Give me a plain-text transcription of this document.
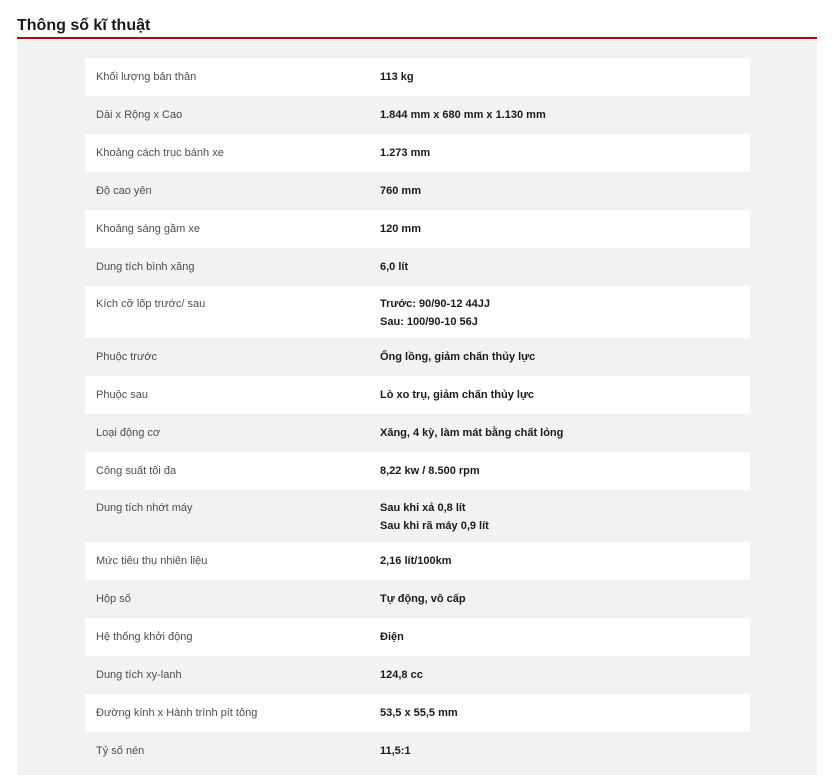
Thông số kĩ thuật
Khối lượng bản thân	113 kg
Dài x Rộng x Cao	1.844 mm x 680 mm x 1.130 mm
Khoảng cách trục bánh xe	1.273 mm
Độ cao yên	760 mm
Khoảng sáng gầm xe	120 mm
Dung tích bình xăng	6,0 lít
Kích cỡ lốp trước/ sau	Trước: 90/90-12 44JJ
Sau: 100/90-10 56J
Phuộc trước	Ống lồng, giảm chấn thủy lực
Phuộc sau	Lò xo trụ, giảm chấn thủy lực
Loại động cơ	Xăng, 4 kỳ, làm mát bằng chất lỏng
Công suất tối đa	8,22 kw / 8.500 rpm
Dung tích nhớt máy	Sau khi xả 0,8 lít
Sau khi rã máy 0,9 lít
Mức tiêu thụ nhiên liệu	2,16 lít/100km
Hộp số	Tự động, vô cấp
Hệ thống khởi động	Điện
Dung tích xy-lanh	124,8 cc
Đường kính x Hành trình pít tông	53,5 x 55,5 mm
Tỷ số nén	11,5:1
